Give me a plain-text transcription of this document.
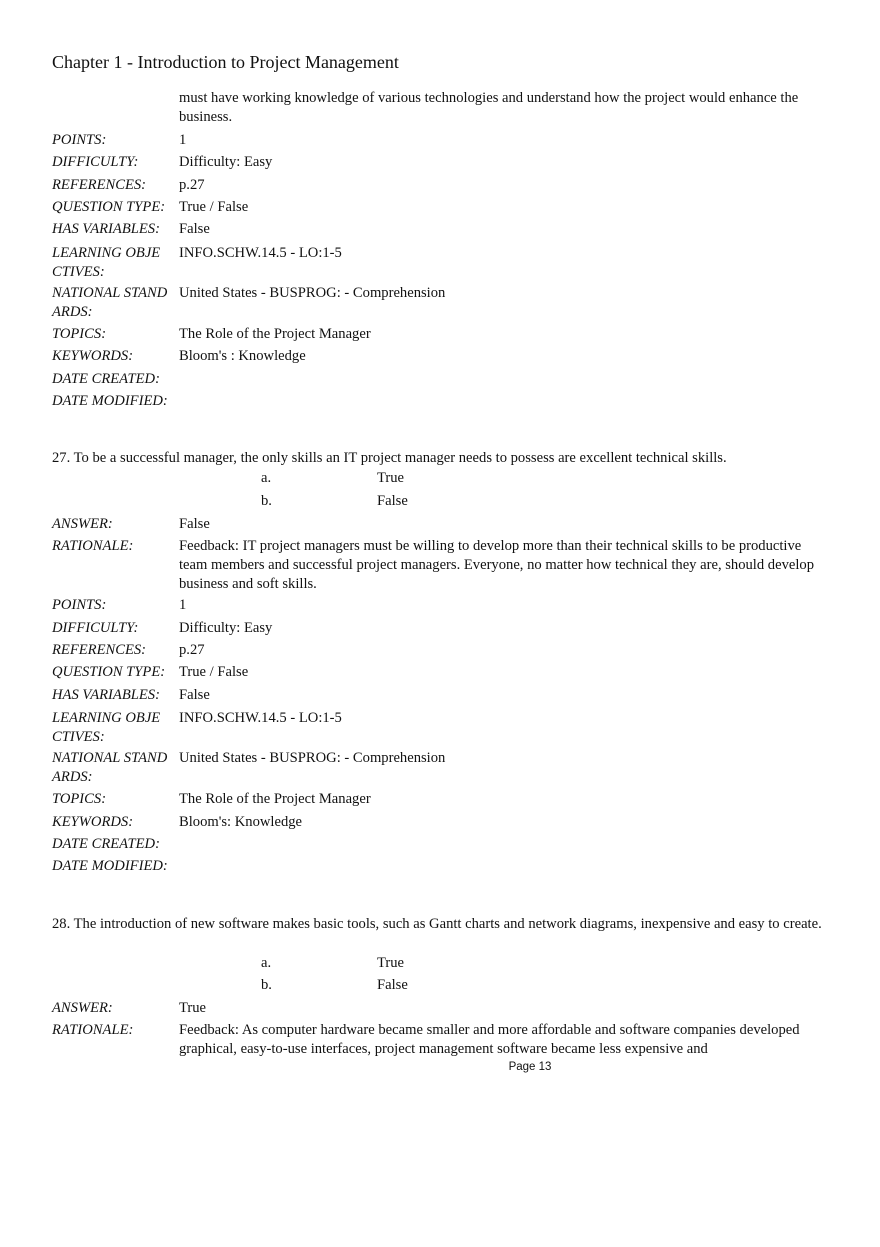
Chapter 1 - Introduction to Project Management
must have working knowledge of various technologies and understand how the project would enhance the business.
POINTS:	1
DIFFICULTY:	Difficulty: Easy
REFERENCES:	p.27
QUESTION TYPE: True / False
HAS VARIABLES:	False
LEARNING OBJE
CTIVES:
INFO.SCHW.14.5 - LO:1-5
NATIONAL STAND
ARDS:
United States - BUSPROG: - Comprehension
TOPICS:	The Role of the Project Manager
KEYWORDS:	Bloom's : Knowledge
DATE CREATED:
DATE MODIFIED:
27. To be a successful manager, the only skills an IT project manager needs to possess are excellent technical skills.
a.	True
b.	False
ANSWER:	False
RATIONALE:	Feedback: IT project managers must be willing to develop more than their technical skills to be productive team members and successful project managers. Everyone, no matter how technical they are, should develop business and soft skills.
POINTS:	1
DIFFICULTY:	Difficulty: Easy
REFERENCES:	p.27
QUESTION TYPE: True / False
HAS VARIABLES:	False
LEARNING OBJE
CTIVES:
INFO.SCHW.14.5 - LO:1-5
NATIONAL STAND
ARDS:
United States - BUSPROG: - Comprehension
TOPICS:	The Role of the Project Manager
KEYWORDS:	Bloom's: Knowledge
DATE CREATED:
DATE MODIFIED:
28. The introduction of new software makes basic tools, such as Gantt charts and network diagrams, inexpensive and easy to create.
a.	True
b.	False
ANSWER:	True
RATIONALE:	Feedback: As computer hardware became smaller and more affordable and software companies developed graphical, easy-to-use interfaces, project management software became less expensive and
Page 13
